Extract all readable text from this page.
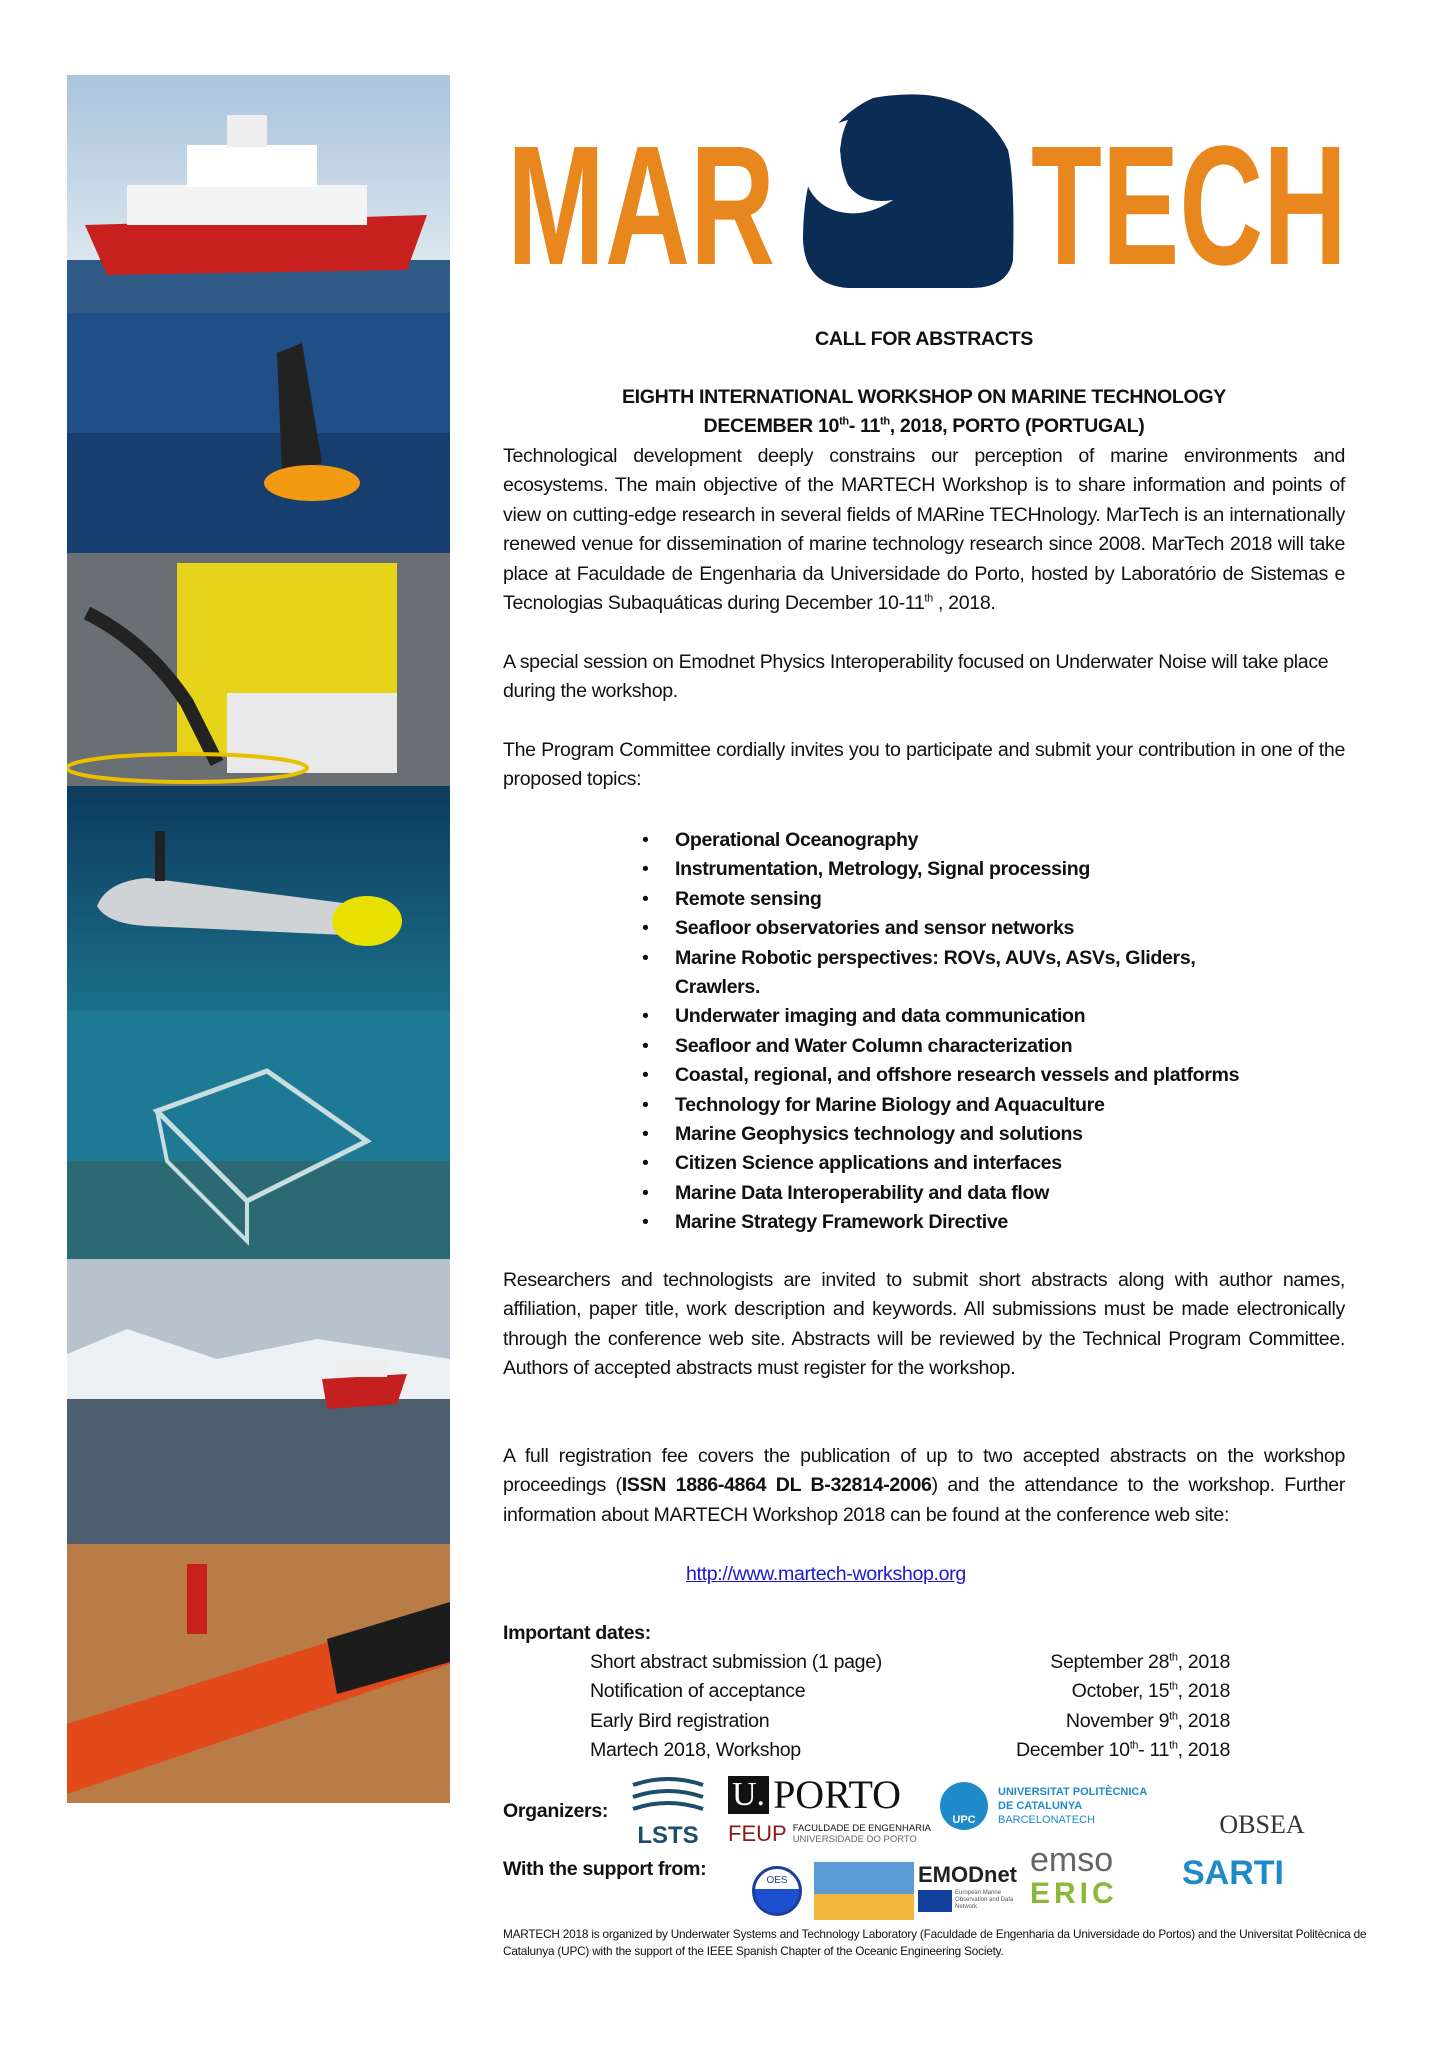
MAR TECH
CALL FOR ABSTRACTS
EIGHTH INTERNATIONAL WORKSHOP ON MARINE TECHNOLOGY
DECEMBER 10th- 11th, 2018, PORTO (PORTUGAL)
Technological development deeply constrains our perception of marine environments and ecosystems. The main objective of the MARTECH Workshop is to share information and points of view on cutting-edge research in several fields of MARine TECHnology. MarTech is an internationally renewed venue for dissemination of marine technology research since 2008. MarTech 2018 will take place at Faculdade de Engenharia da Universidade do Porto, hosted by Laboratório de Sistemas e Tecnologias Subaquáticas during December 10-11th , 2018.
A special session on Emodnet Physics Interoperability focused on Underwater Noise will take place during the workshop.
The Program Committee cordially invites you to participate and submit your contribution in one of the proposed topics:
• Operational Oceanography
• Instrumentation, Metrology, Signal processing
• Remote sensing
• Seafloor observatories and sensor networks
• Marine Robotic perspectives: ROVs, AUVs, ASVs, Gliders, Crawlers.
• Underwater imaging and data communication
• Seafloor and Water Column characterization
• Coastal, regional, and offshore research vessels and platforms
• Technology for Marine Biology and Aquaculture
• Marine Geophysics technology and solutions
• Citizen Science applications and interfaces
• Marine Data Interoperability and data flow
• Marine Strategy Framework Directive
Researchers and technologists are invited to submit short abstracts along with author names, affiliation, paper title, work description and keywords. All submissions must be made electronically through the conference web site. Abstracts will be reviewed by the Technical Program Committee. Authors of accepted abstracts must register for the workshop.
A full registration fee covers the publication of up to two accepted abstracts on the workshop proceedings (ISSN 1886-4864 DL B-32814-2006) and the attendance to the workshop. Further information about MARTECH Workshop 2018 can be found at the conference web site:
http://www.martech-workshop.org
Important dates:
Short abstract submission (1 page)	September 28th, 2018
Notification of acceptance	October, 15th, 2018
Early Bird registration	November 9th, 2018
Martech 2018, Workshop	December 10th- 11th, 2018
Organizers:
LSTS
U. PORTO
FEUP FACULDADE DE ENGENHARIA
UNIVERSIDADE DO PORTO
UPC
UNIVERSITAT POLITÈCNICA
DE CATALUNYA
BARCELONATECH
With the support from:
OES	EMODnet
European Marine Observation and Data Network
emso
ERIC
OBSEA
SARTI
MARTECH 2018 is organized by Underwater Systems and Technology Laboratory (Faculdade de Engenharia da Universidade do Portos) and the Universitat Politècnica de Catalunya (UPC) with the support of the IEEE Spanish Chapter of the Oceanic Engineering Society.
